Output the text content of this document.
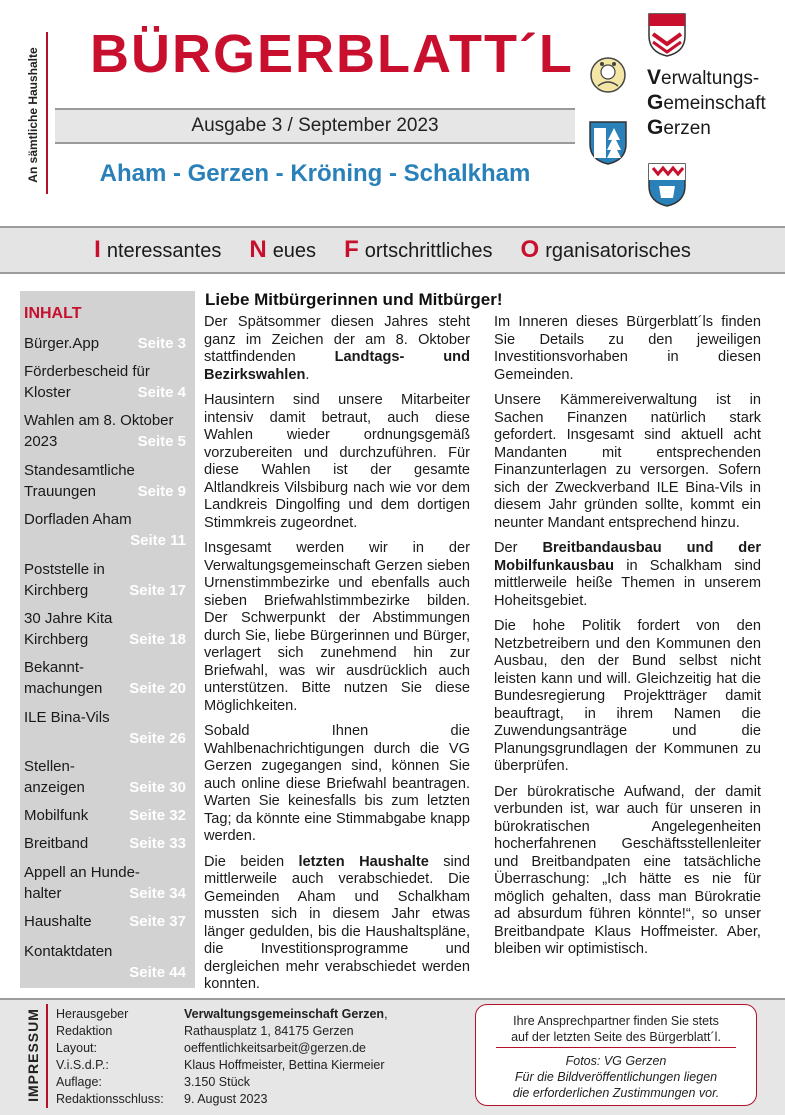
An sämtliche Haushalte BÜRGERBLATT´L
Ausgabe 3 / September 2023
Aham - Gerzen - Kröning - Schalkham
Verwaltungs-
Gemeinschaft
Gerzen
I nteressantes N eues F ortschrittliches O rganisatorisches
INHALT
Bürger.App	Seite 3
Förderbescheid für
Kloster	Seite 4
Wahlen am 8. Oktober
2023	Seite 5
Standesamtliche
Trauungen	Seite 9
Dorfladen Aham

Seite 11
Poststelle in
Kirchberg	Seite 17
30 Jahre Kita
Kirchberg	Seite 18
Bekannt-
machungen	Seite 20
ILE Bina-Vils

Seite 26
Stellen-
anzeigen	Seite 30
Mobilfunk	Seite 32
Breitband	Seite 33
Appell an Hunde-
halter	Seite 34
Haushalte	Seite 37
Kontaktdaten

Seite 44
Liebe Mitbürgerinnen und Mitbürger!

Der Spätsommer diesen Jahres steht ganz im Zeichen der am 8. Oktober stattfindenden Landtags- und Bezirkswahlen.

Hausintern sind unsere Mitarbeiter intensiv damit betraut, auch diese Wahlen wieder ordnungsgemäß vorzubereiten und durchzuführen. Für diese Wahlen ist der gesamte Altlandkreis Vilsbiburg nach wie vor dem Landkreis Dingolfing und dem dortigen Stimmkreis zugeordnet.

Insgesamt werden wir in der Verwaltungsgemeinschaft Gerzen sieben Urnenstimmbezirke und ebenfalls auch sieben Briefwahlstimmbezirke bilden. Der Schwerpunkt der Abstimmungen durch Sie, liebe Bürgerinnen und Bürger, verlagert sich zunehmend hin zur Briefwahl, was wir ausdrücklich auch unterstützen. Bitte nutzen Sie diese Möglichkeiten.

Sobald Ihnen die Wahlbenachrichtigungen durch die VG Gerzen zugegangen sind, können Sie auch online diese Briefwahl beantragen. Warten Sie keinesfalls bis zum letzten Tag; da könnte eine Stimmabgabe knapp werden.

Die beiden letzten Haushalte sind mittlerweile auch verabschiedet. Die Gemeinden Aham und Schalkham mussten sich in diesem Jahr etwas länger gedulden, bis die Haushaltspläne, die Investitionsprogramme und dergleichen mehr verabschiedet werden konnten.

Im Inneren dieses Bürgerblatt´ls finden Sie Details zu den jeweiligen Investitionsvorhaben in diesen Gemeinden.

Unsere Kämmereiverwaltung ist in Sachen Finanzen natürlich stark gefordert. Insgesamt sind aktuell acht Mandanten mit entsprechenden Finanzunterlagen zu versorgen. Sofern sich der Zweckverband ILE Bina-Vils in diesem Jahr gründen sollte, kommt ein neunter Mandant entsprechend hinzu.

Der Breitbandausbau und der Mobilfunkausbau in Schalkham sind mittlerweile heiße Themen in unserem Hoheitsgebiet.

Die hohe Politik fordert von den Netzbetreibern und den Kommunen den Ausbau, den der Bund selbst nicht leisten kann und will. Gleichzeitig hat die Bundesregierung Projektträger damit beauftragt, in ihrem Namen die Zuwendungsanträge und die Planungsgrundlagen der Kommunen zu überprüfen.

Der bürokratische Aufwand, der damit verbunden ist, war auch für unseren in bürokratischen Angelegenheiten hocherfahrenen Geschäftsstellenleiter und Breitbandpaten eine tatsächliche Überraschung: „Ich hätte es nie für möglich gehalten, dass man Bürokratie ad absurdum führen könnte!“, so unser Breitbandpate Klaus Hoffmeister. Aber, bleiben wir optimistisch.

IMPRESSUM Herausgeber	Verwaltungsgemeinschaft Gerzen,
Redaktion	Rathausplatz 1, 84175 Gerzen
Layout:	oeffentlichkeitsarbeit@gerzen.de
V.i.S.d.P.:	Klaus Hoffmeister, Bettina Kiermeier
Auflage:	3.150 Stück
Redaktionsschluss: 9. August 2023
Ihre Ansprechpartner finden Sie stets
auf der letzten Seite des Bürgerblatt´l.
Fotos: VG Gerzen
Für die Bildveröffentlichungen liegen
die erforderlichen Zustimmungen vor.
